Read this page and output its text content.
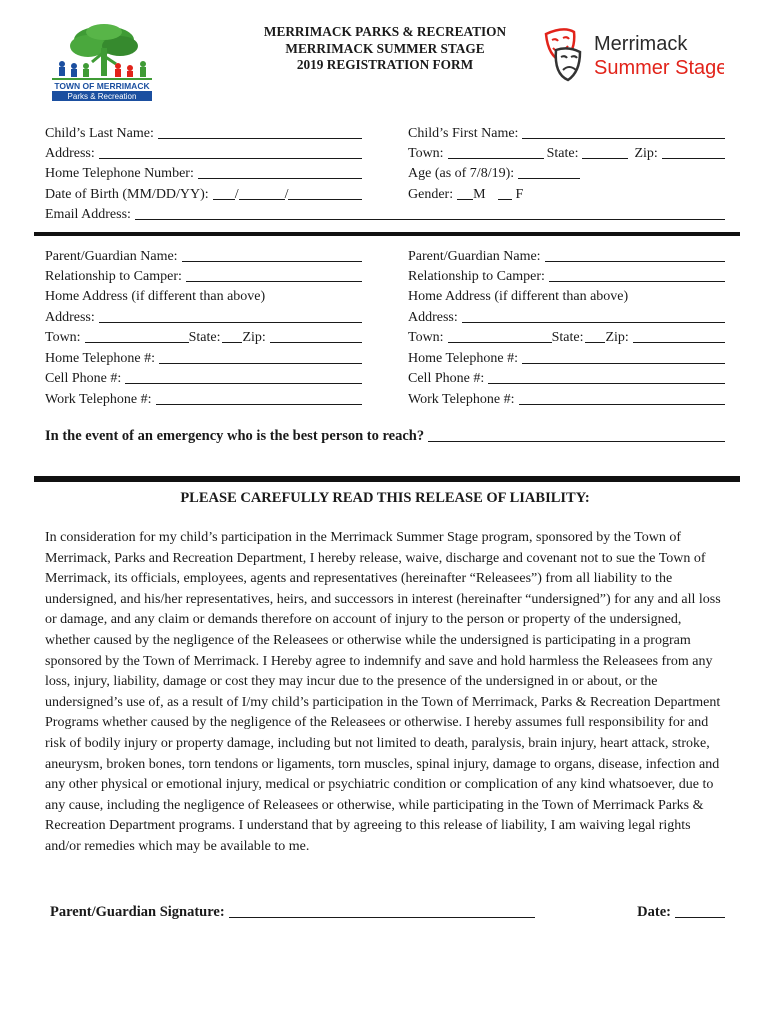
TOWN OF MERRIMACK
Parks & Recreation
MERRIMACK PARKS & RECREATION
MERRIMACK SUMMER STAGE
2019 REGISTRATION FORM
Merrimack
Summer Stage
Child’s Last Name:	Child’s First Name:
Address:	Town:	State:	Zip:
Home Telephone Number:	Age (as of 7/8/19):
Date of Birth (MM/DD/YY): /	/	Gender: M	F
Email Address:
Parent/Guardian Name:
Relationship to Camper:
Home Address (if different than above)
Address:
Town:	State: Zip:
Home Telephone #:
Cell Phone #:
Work Telephone #:
Parent/Guardian Name:
Relationship to Camper:
Home Address (if different than above)
Address:
Town:	State: Zip:
Home Telephone #:
Cell Phone #:
Work Telephone #:
In the event of an emergency who is the best person to reach?
PLEASE CAREFULLY READ THIS RELEASE OF LIABILITY:
In consideration for my child’s participation in the Merrimack Summer Stage program, sponsored by the Town of Merrimack, Parks and Recreation Department, I hereby release, waive, discharge and covenant not to sue the Town of Merrimack, its officials, employees, agents and representatives (hereinafter “Releasees”) from all liability to the undersigned, and his/her representatives, heirs, and successors in interest (hereinafter “undersigned”) for any and all loss or damage, and any claim or demands therefore on account of injury to the person or property of the undersigned, whether caused by the negligence of the Releasees or otherwise while the undersigned is participating in a program sponsored by the Town of Merrimack. I Hereby agree to indemnify and save and hold harmless the Releasees from any loss, injury, liability, damage or cost they may incur due to the presence of the undersigned in or about, or the undersigned’s use of, as a result of I/my child’s participation in the Town of Merrimack, Parks & Recreation Department Programs whether caused by the negligence of the Releasees or otherwise. I hereby assumes full responsibility for and risk of bodily injury or property damage, including but not limited to death, paralysis, brain injury, heart attack, stroke, aneurysm, broken bones, torn tendons or ligaments, torn muscles, spinal injury, damage to organs, disease, infection and any other physical or emotional injury, medical or psychiatric condition or complication of any kind whatsoever, due to any cause, including the negligence of Releasees or otherwise, while participating in the Town of Merrimack Parks & Recreation Department programs. I understand that by agreeing to this release of liability, I am waiving legal rights and/or remedies which may be available to me.
Parent/Guardian Signature:	Date:
